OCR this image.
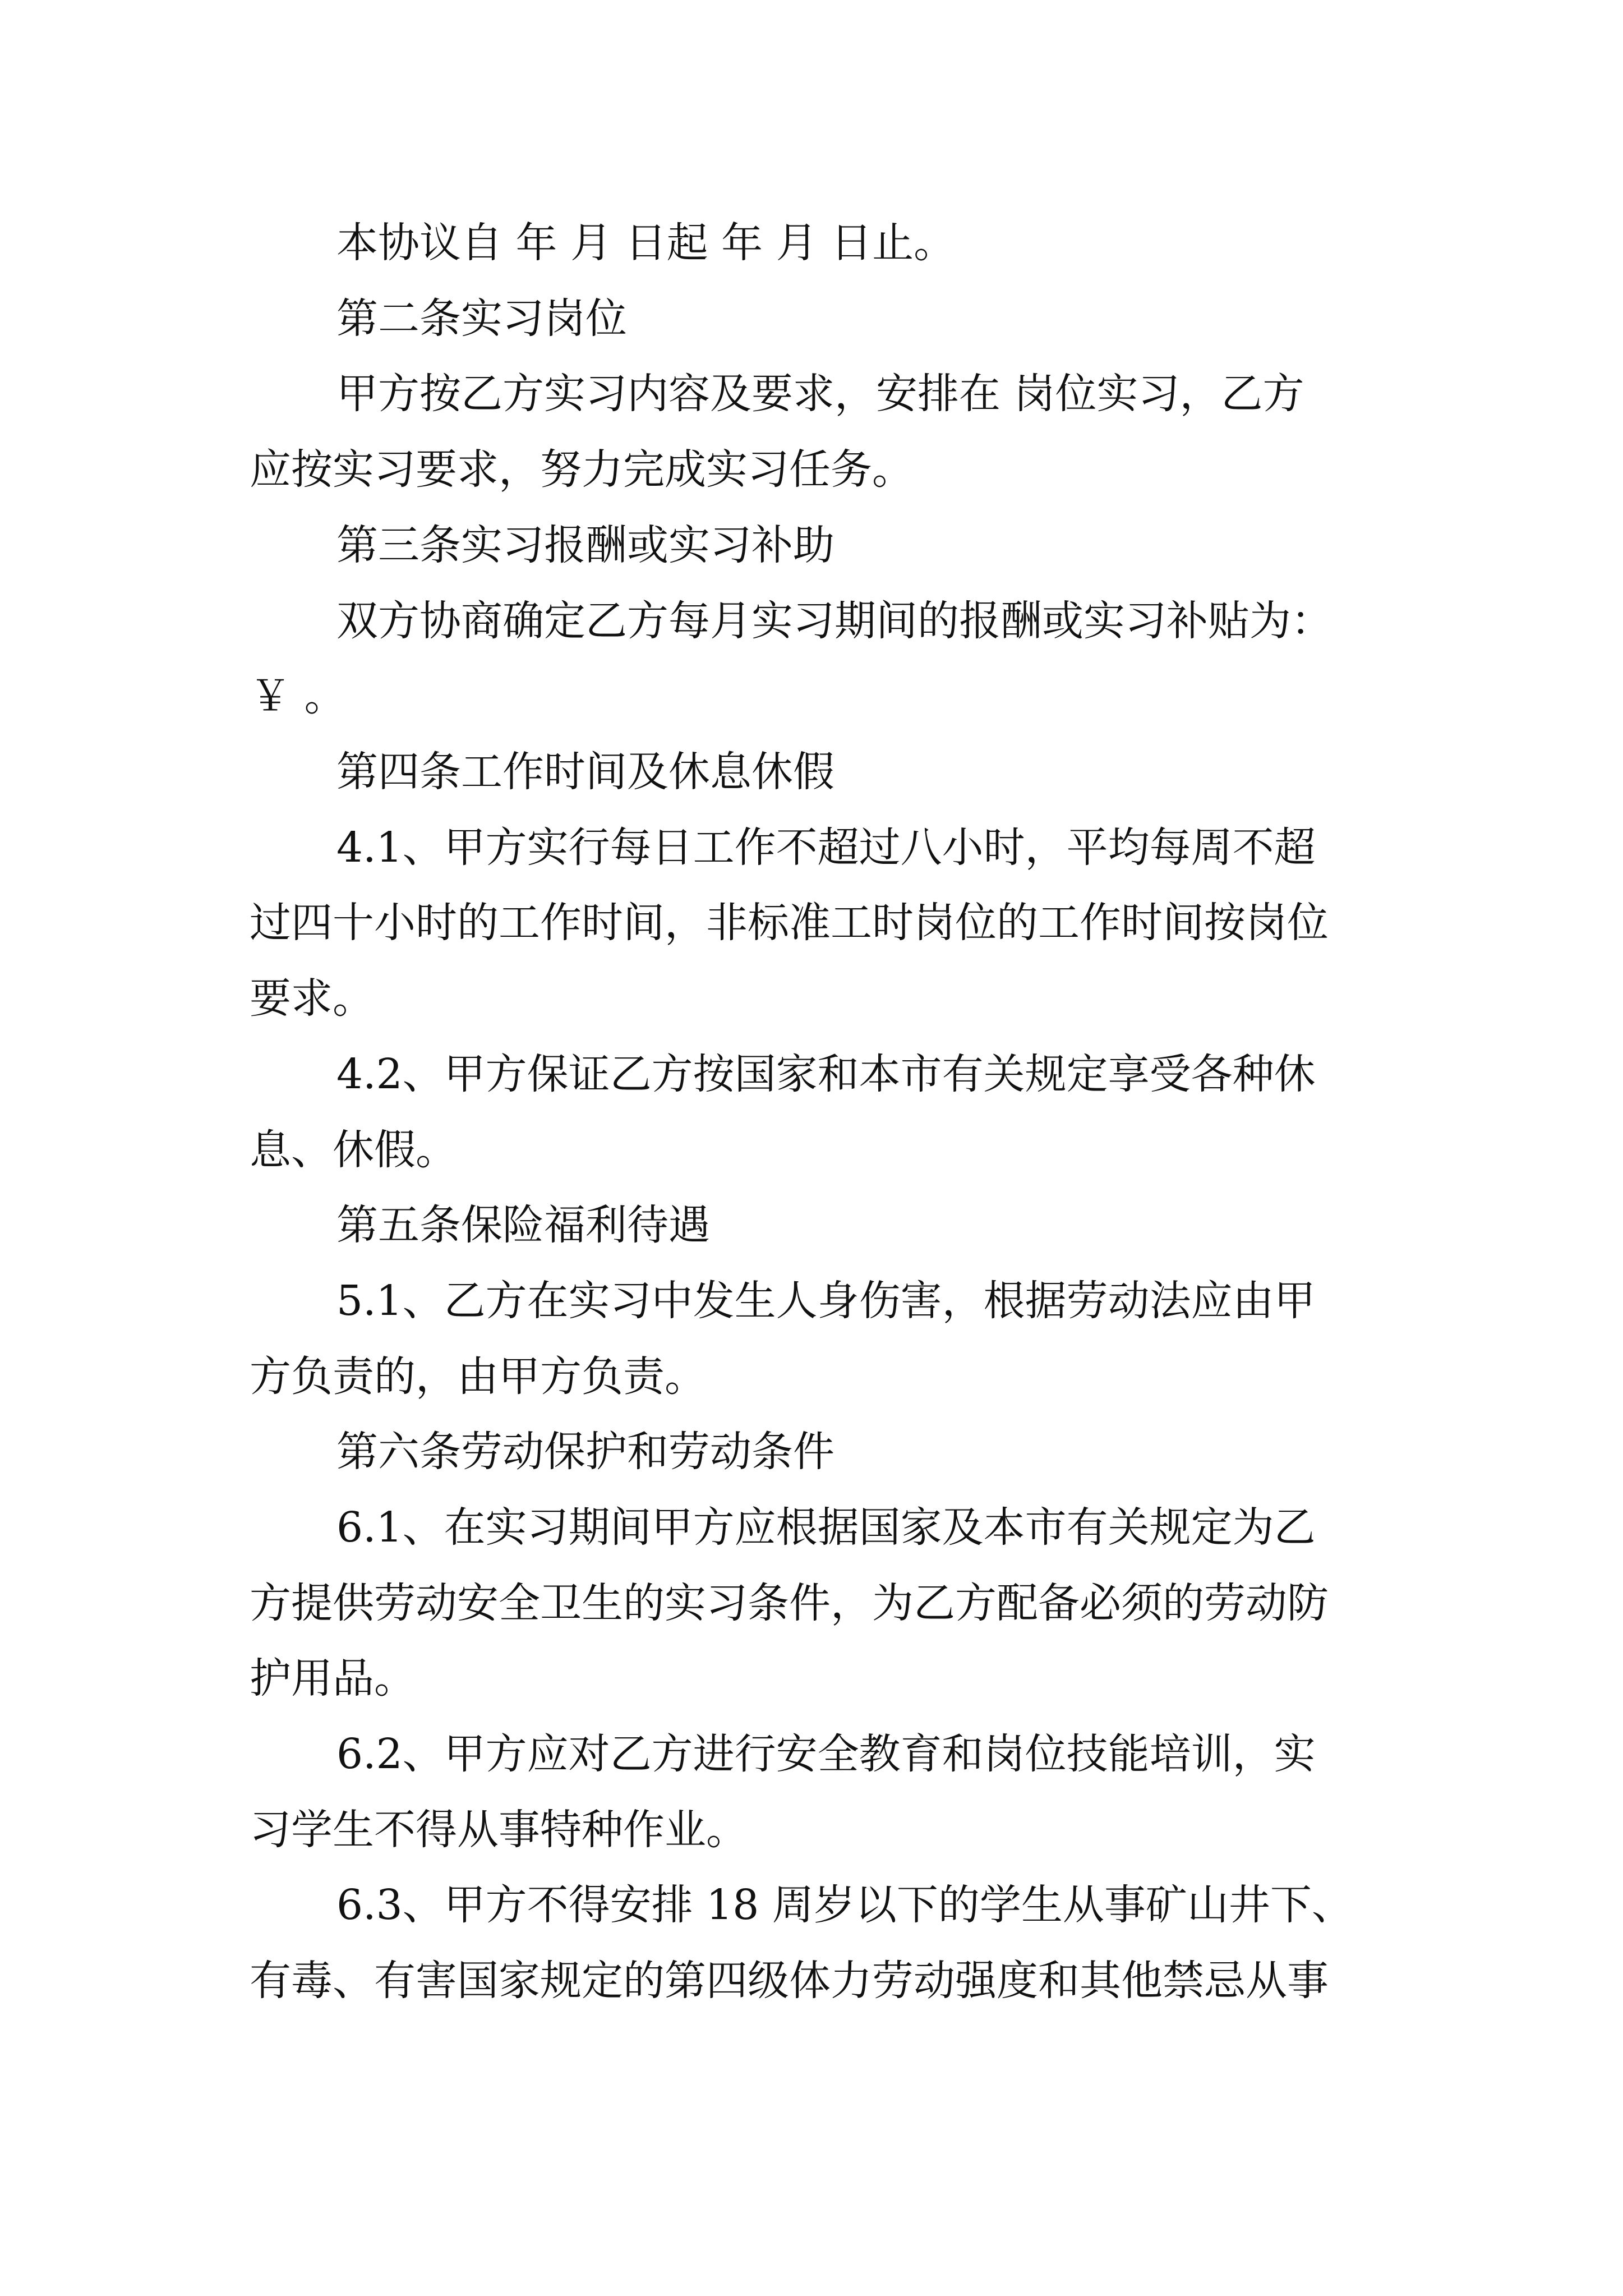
本协议自 年 月 日起 年 月 日止。

第二条实习岗位

甲方按乙方实习内容及要求，安排在 岗位实习，乙方

应按实习要求，努力完成实习任务。

第三条实习报酬或实习补助

双方协商确定乙方每月实习期间的报酬或实习补贴为：

￥ 。

第四条工作时间及休息休假

4.1、甲方实行每日工作不超过八小时，平均每周不超

过四十小时的工作时间，非标准工时岗位的工作时间按岗位

要求。

4.2、甲方保证乙方按国家和本市有关规定享受各种休

息、休假。

第五条保险福利待遇

5.1、乙方在实习中发生人身伤害，根据劳动法应由甲

方负责的，由甲方负责。

第六条劳动保护和劳动条件

6.1、在实习期间甲方应根据国家及本市有关规定为乙

方提供劳动安全卫生的实习条件，为乙方配备必须的劳动防

护用品。

6.2、甲方应对乙方进行安全教育和岗位技能培训，实

习学生不得从事特种作业。

6.3、甲方不得安排 18 周岁以下的学生从事矿山井下、

有毒、有害国家规定的第四级体力劳动强度和其他禁忌从事
